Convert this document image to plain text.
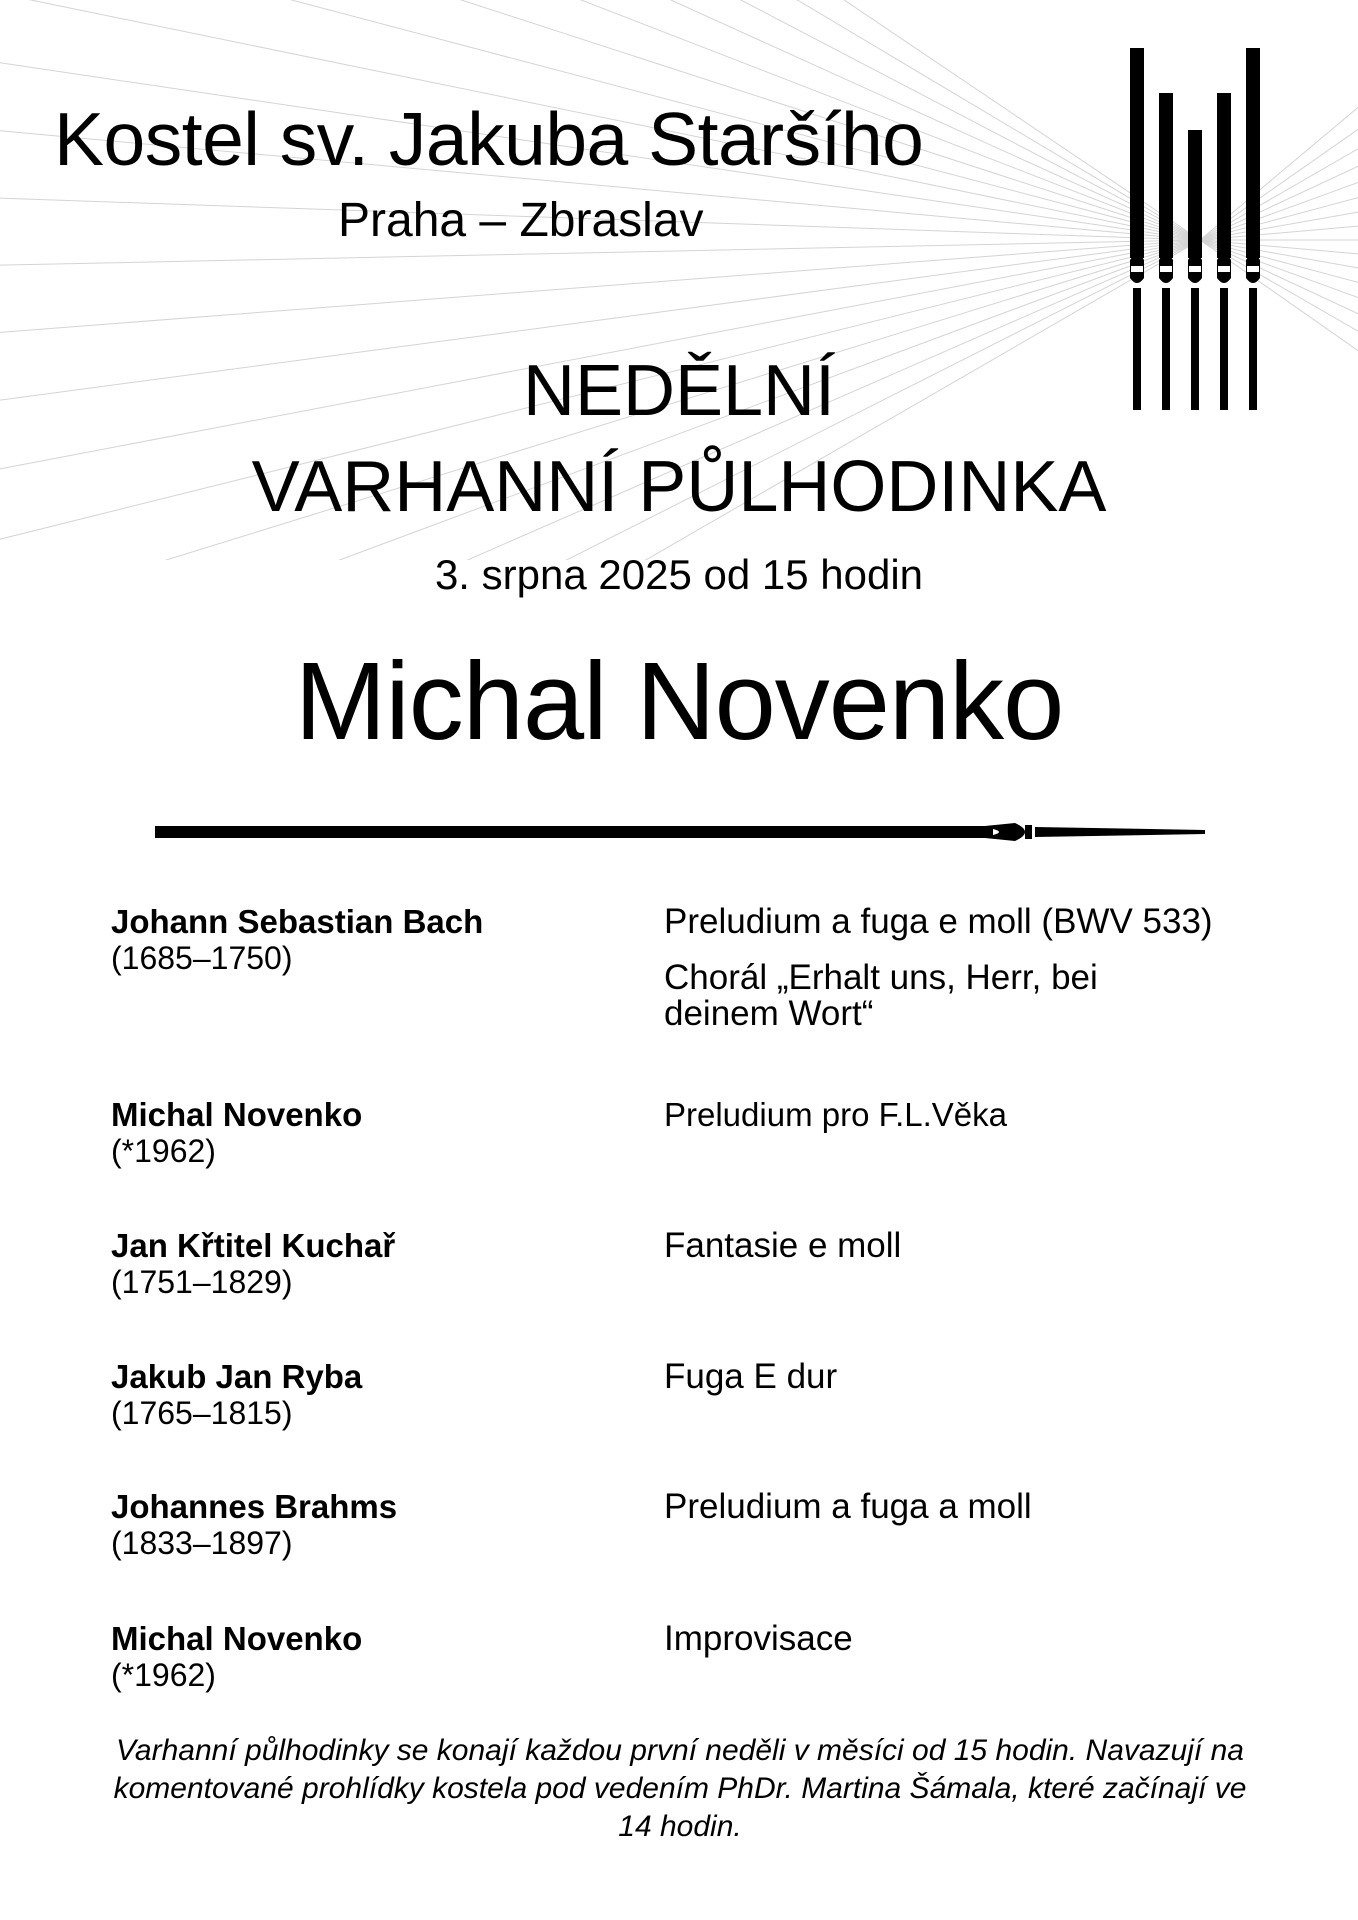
Kostel sv. Jakuba Staršího
Praha – Zbraslav
NEDĚLNÍ
VARHANNÍ PŮLHODINKA
3. srpna 2025 od 15 hodin
Michal Novenko
Johann Sebastian Bach
(1685–1750)
Preludium a fuga e moll (BWV 533)
Chorál „Erhalt uns, Herr, bei deinem Wort“
Michal Novenko
(*1962)
Preludium pro F.L.Věka
Jan Křtitel Kuchař
(1751–1829)
Fantasie e moll
Jakub Jan Ryba
(1765–1815)
Fuga E dur
Johannes Brahms
(1833–1897)
Preludium a fuga a moll
Michal Novenko
(*1962)
Improvisace
Varhanní půlhodinky se konají každou první neděli v měsíci od 15 hodin. Navazují na komentované prohlídky kostela pod vedením PhDr. Martina Šámala, které začínají ve 14 hodin.
